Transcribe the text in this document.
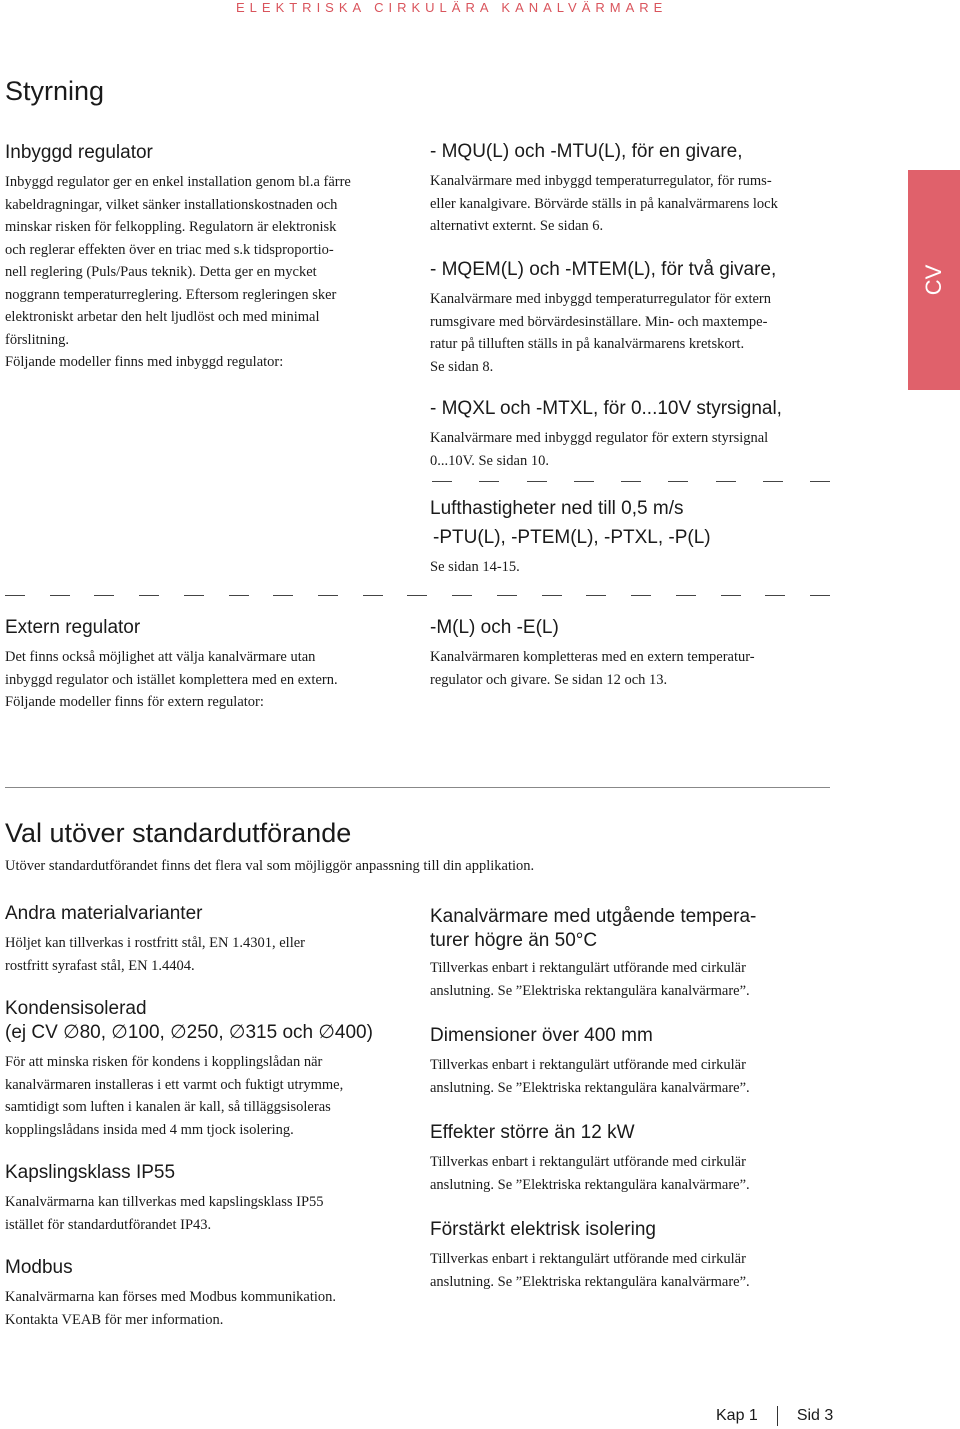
ELEKTRISKA CIRKULÄRA KANALVÄRMARE
CV
Styrning
Inbyggd regulator
Inbyggd regulator ger en enkel installation genom bl.a färre
kabeldragningar, vilket sänker installationskostnaden och
minskar risken för felkoppling. Regulatorn är elektronisk
och reglerar effekten över en triac med s.k tidsproportio-
nell reglering (Puls/Paus teknik). Detta ger en mycket
noggrann temperaturreglering. Eftersom regleringen sker
elektroniskt arbetar den helt ljudlöst och med minimal
förslitning.
Följande modeller finns med inbyggd regulator:
- MQU(L) och -MTU(L), för en givare,
Kanalvärmare med inbyggd temperaturregulator, för rums-
eller kanalgivare. Börvärde ställs in på kanalvärmarens lock
alternativt externt. Se sidan 6.
- MQEM(L) och -MTEM(L), för två givare,
Kanalvärmare med inbyggd temperaturregulator för extern
rumsgivare med börvärdesinställare. Min- och maxtempe-
ratur på tilluften ställs in på kanalvärmarens kretskort.
Se sidan 8.
- MQXL och -MTXL, för 0...10V styrsignal,
Kanalvärmare med inbyggd regulator för extern styrsignal
0...10V. Se sidan 10.
Lufthastigheter ned till 0,5 m/s
-PTU(L), -PTEM(L), -PTXL, -P(L)
Se sidan 14-15.
Extern regulator
Det finns också möjlighet att välja kanalvärmare utan
inbyggd regulator och istället komplettera med en extern.
Följande modeller finns för extern regulator:
-M(L) och -E(L)
Kanalvärmaren kompletteras med en extern temperatur-
regulator och givare. Se sidan 12 och 13.
Val utöver standardutförande
Utöver standardutförandet finns det flera val som möjliggör anpassning till din applikation.
Andra materialvarianter
Höljet kan tillverkas i rostfritt stål, EN 1.4301, eller
rostfritt syrafast stål, EN 1.4404.
Kondensisolerad
(ej CV ∅80, ∅100, ∅250, ∅315 och ∅400)
För att minska risken för kondens i kopplingslådan när
kanalvärmaren installeras i ett varmt och fuktigt utrymme,
samtidigt som luften i kanalen är kall, så tilläggsisoleras
kopplingslådans insida med 4 mm tjock isolering.
Kapslingsklass IP55
Kanalvärmarna kan tillverkas med kapslingsklass IP55
istället för standardutförandet IP43.
Modbus
Kanalvärmarna kan förses med Modbus kommunikation.
Kontakta VEAB för mer information.
Kanalvärmare med utgående tempera-
turer högre än 50°C
Tillverkas enbart i rektangulärt utförande med cirkulär
anslutning. Se ”Elektriska rektangulära kanalvärmare”.
Dimensioner över 400 mm
Tillverkas enbart i rektangulärt utförande med cirkulär
anslutning. Se ”Elektriska rektangulära kanalvärmare”.
Effekter större än 12 kW
Tillverkas enbart i rektangulärt utförande med cirkulär
anslutning. Se ”Elektriska rektangulära kanalvärmare”.
Förstärkt elektrisk isolering
Tillverkas enbart i rektangulärt utförande med cirkulär
anslutning. Se ”Elektriska rektangulära kanalvärmare”.
Kap 1 Sid 3
